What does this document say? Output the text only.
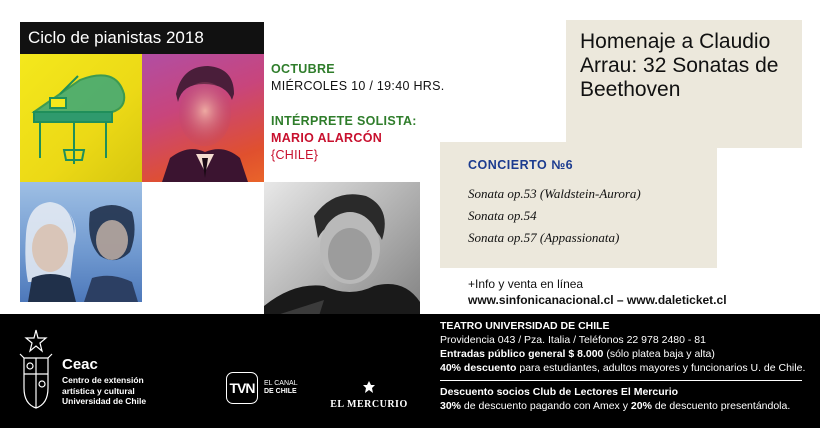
Ciclo de pianistas 2018
OCTUBRE
MIÉRCOLES 10 / 19:40 HRS.
INTÉRPRETE SOLISTA:
MARIO ALARCÓN
{CHILE}
Homenaje a Claudio Arrau: 32 Sonatas de Beethoven
CONCIERTO №6
Sonata op.53 (Waldstein-Aurora)
Sonata op.54
Sonata op.57 (Appassionata)
+Info y venta en línea
www.sinfonicanacional.cl – www.daleticket.cl
Ceac
Centro de extensión
artística y cultural
Universidad de Chile
TVN	EL CANAL
DE CHILE
EL MERCURIO
TEATRO UNIVERSIDAD DE CHILE
Providencia 043 / Pza. Italia / Teléfonos 22 978 2480 - 81
Entradas público general $ 8.000 (sólo platea baja y alta)
40% descuento para estudiantes, adultos mayores y funcionarios U. de Chile.
Descuento socios Club de Lectores El Mercurio
30% de descuento pagando con Amex y 20% de descuento presentándola.
